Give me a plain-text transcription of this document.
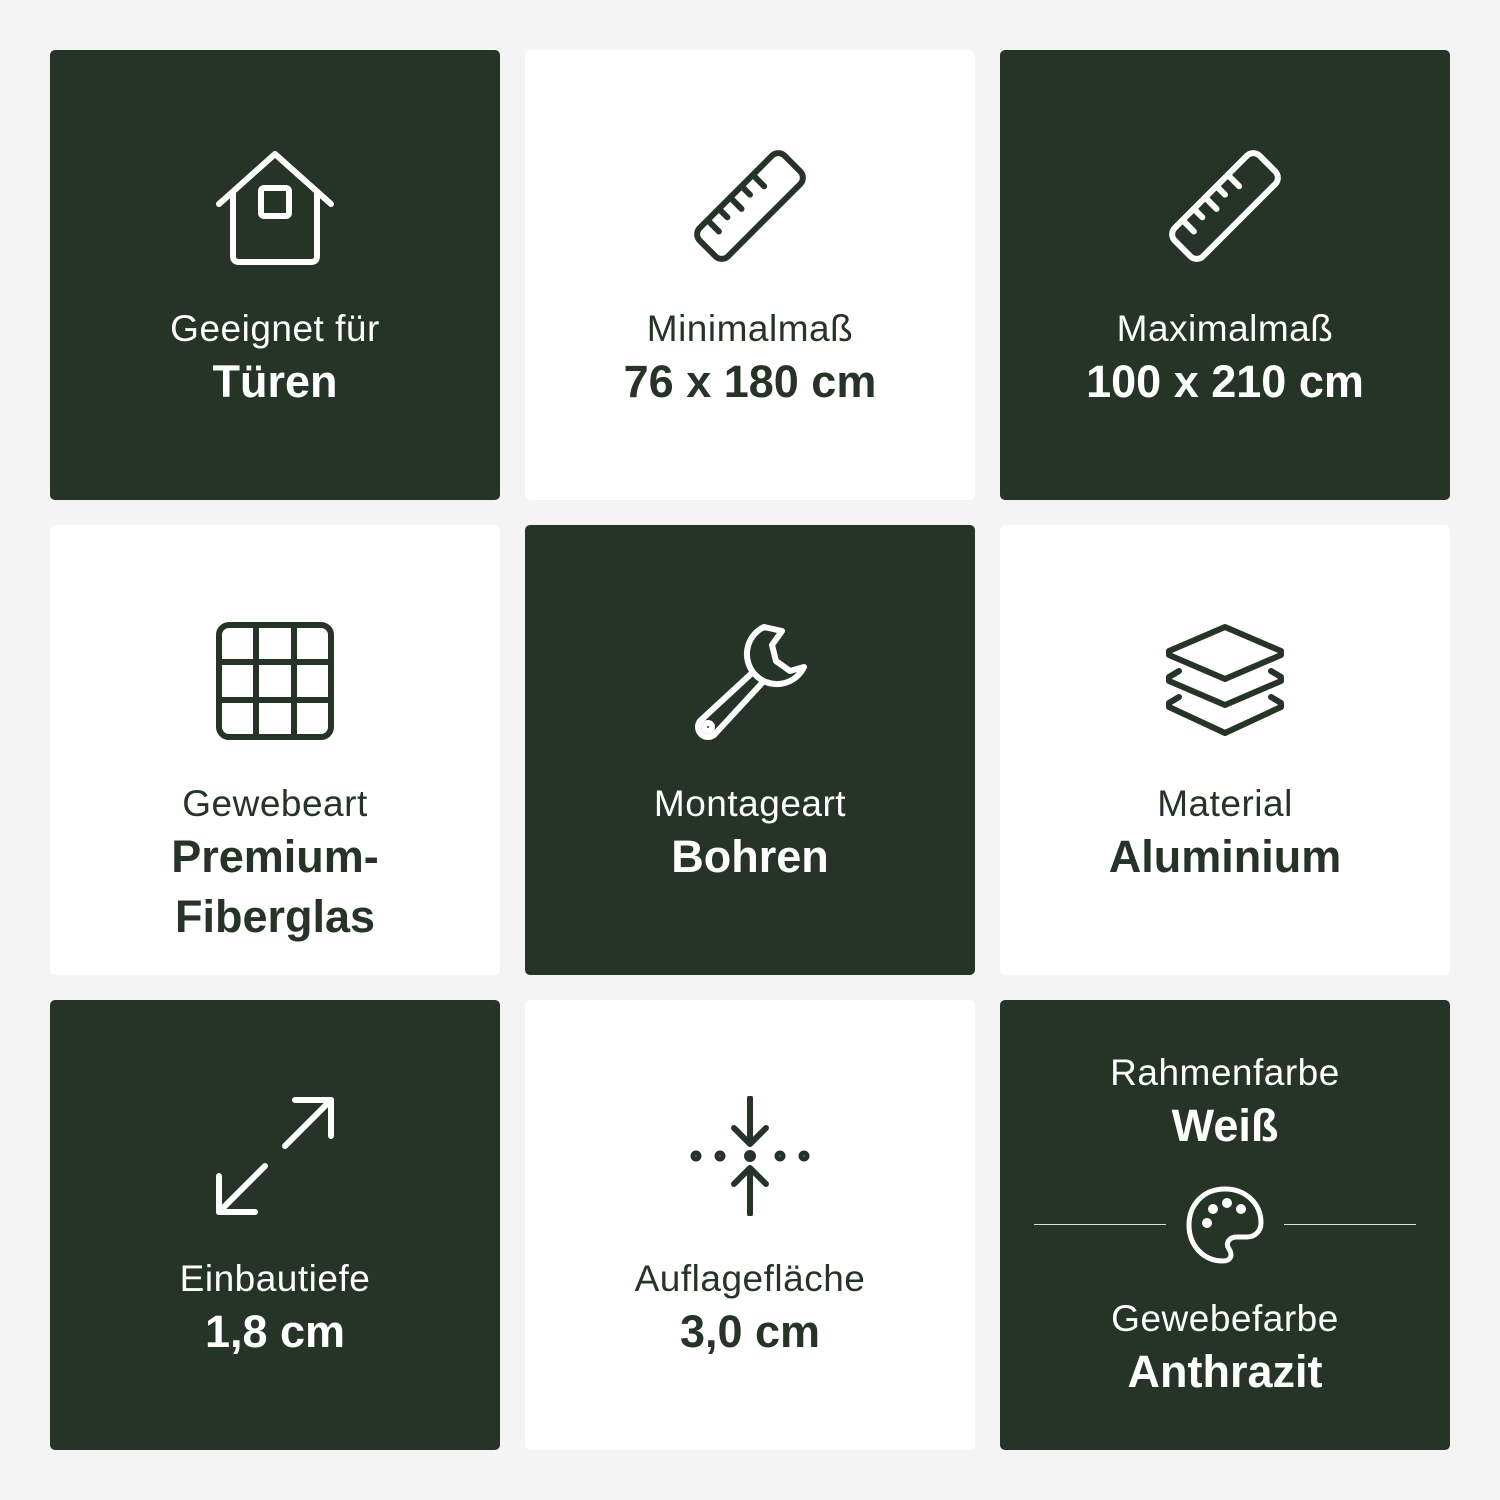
Geeignet für
Türen
Minimalmaß
76 x 180 cm
Maximalmaß
100 x 210 cm
Gewebeart
Premium-
Fiberglas
Montageart
Bohren
Material
Aluminium
Einbautiefe
1,8 cm
Auflagefläche
3,0 cm
Rahmenfarbe
Weiß
Gewebefarbe
Anthrazit
